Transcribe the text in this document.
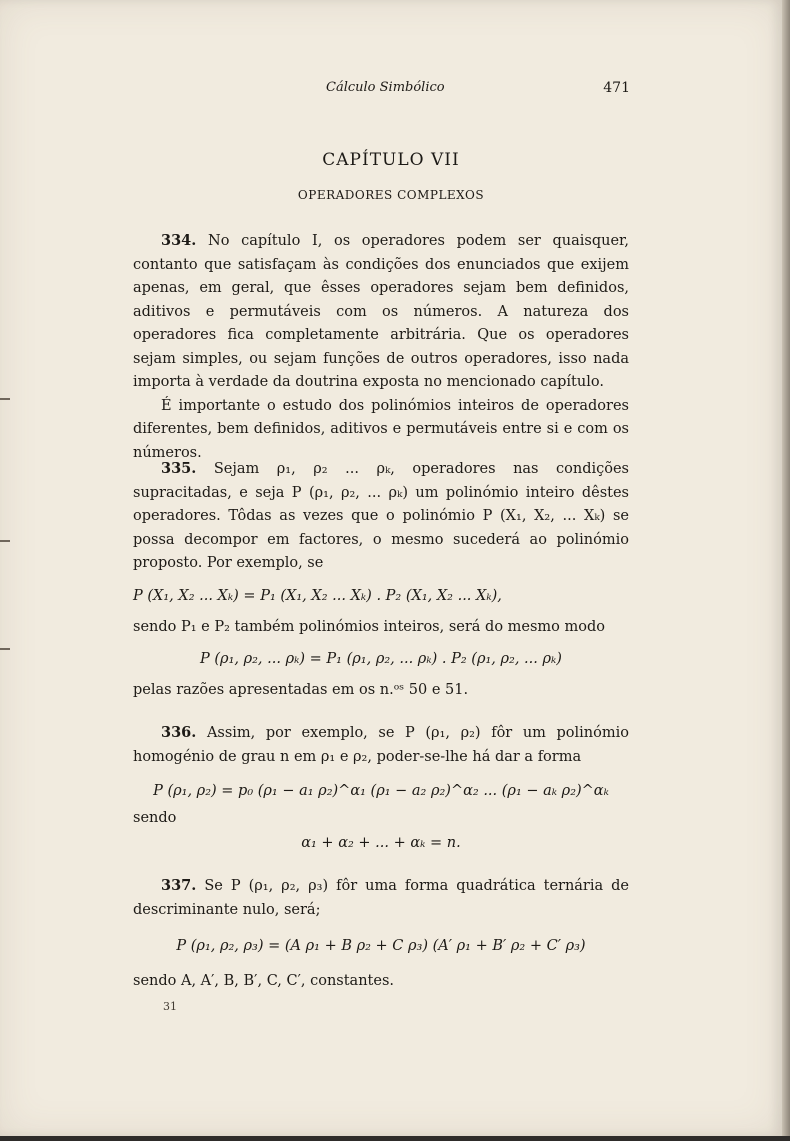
Cálculo Simbólico	471
CAPÍTULO VII
OPERADORES COMPLEXOS

334. No capítulo I, os operadores podem ser quaisquer, contanto que satisfaçam às condições dos enunciados que exijem apenas, em geral, que êsses operadores sejam bem definidos, aditivos e permutáveis com os números. A natureza dos operadores fica completamente arbitrária. Que os operadores sejam simples, ou sejam funções de outros operadores, isso nada importa à verdade da doutrina exposta no mencionado capítulo.

É importante o estudo dos polinómios inteiros de operadores diferentes, bem definidos, aditivos e permutáveis entre si e com os números.

335. Sejam ρ₁, ρ₂ ... ρₖ, operadores nas condições supracitadas, e seja P (ρ₁, ρ₂, ... ρₖ) um polinómio inteiro dêstes operadores. Tôdas as vezes que o polinómio P (X₁, X₂, ... Xₖ) se possa decompor em factores, o mesmo sucederá ao polinómio proposto. Por exemplo, se

P (X₁, X₂ ... Xₖ) = P₁ (X₁, X₂ ... Xₖ) . P₂ (X₁, X₂ ... Xₖ),

sendo P₁ e P₂ também polinómios inteiros, será do mesmo modo

P (ρ₁, ρ₂, ... ρₖ) = P₁ (ρ₁, ρ₂, ... ρₖ) . P₂ (ρ₁, ρ₂, ... ρₖ)

pelas razões apresentadas em os n.ᵒˢ 50 e 51.

336. Assim, por exemplo, se P (ρ₁, ρ₂) fôr um polinómio homogénio de grau n em ρ₁ e ρ₂, poder-se-lhe há dar a forma

P (ρ₁, ρ₂) = p₀ (ρ₁ − a₁ ρ₂)^α₁ (ρ₁ − a₂ ρ₂)^α₂ ... (ρ₁ − aₖ ρ₂)^αₖ

sendo

α₁ + α₂ + ... + αₖ = n.

337. Se P (ρ₁, ρ₂, ρ₃) fôr uma forma quadrática ternária de descriminante nulo, será;

P (ρ₁, ρ₂, ρ₃) = (A ρ₁ + B ρ₂ + C ρ₃) (A′ ρ₁ + B′ ρ₂ + C′ ρ₃)

sendo A, A′, B, B′, C, C′, constantes.

31
